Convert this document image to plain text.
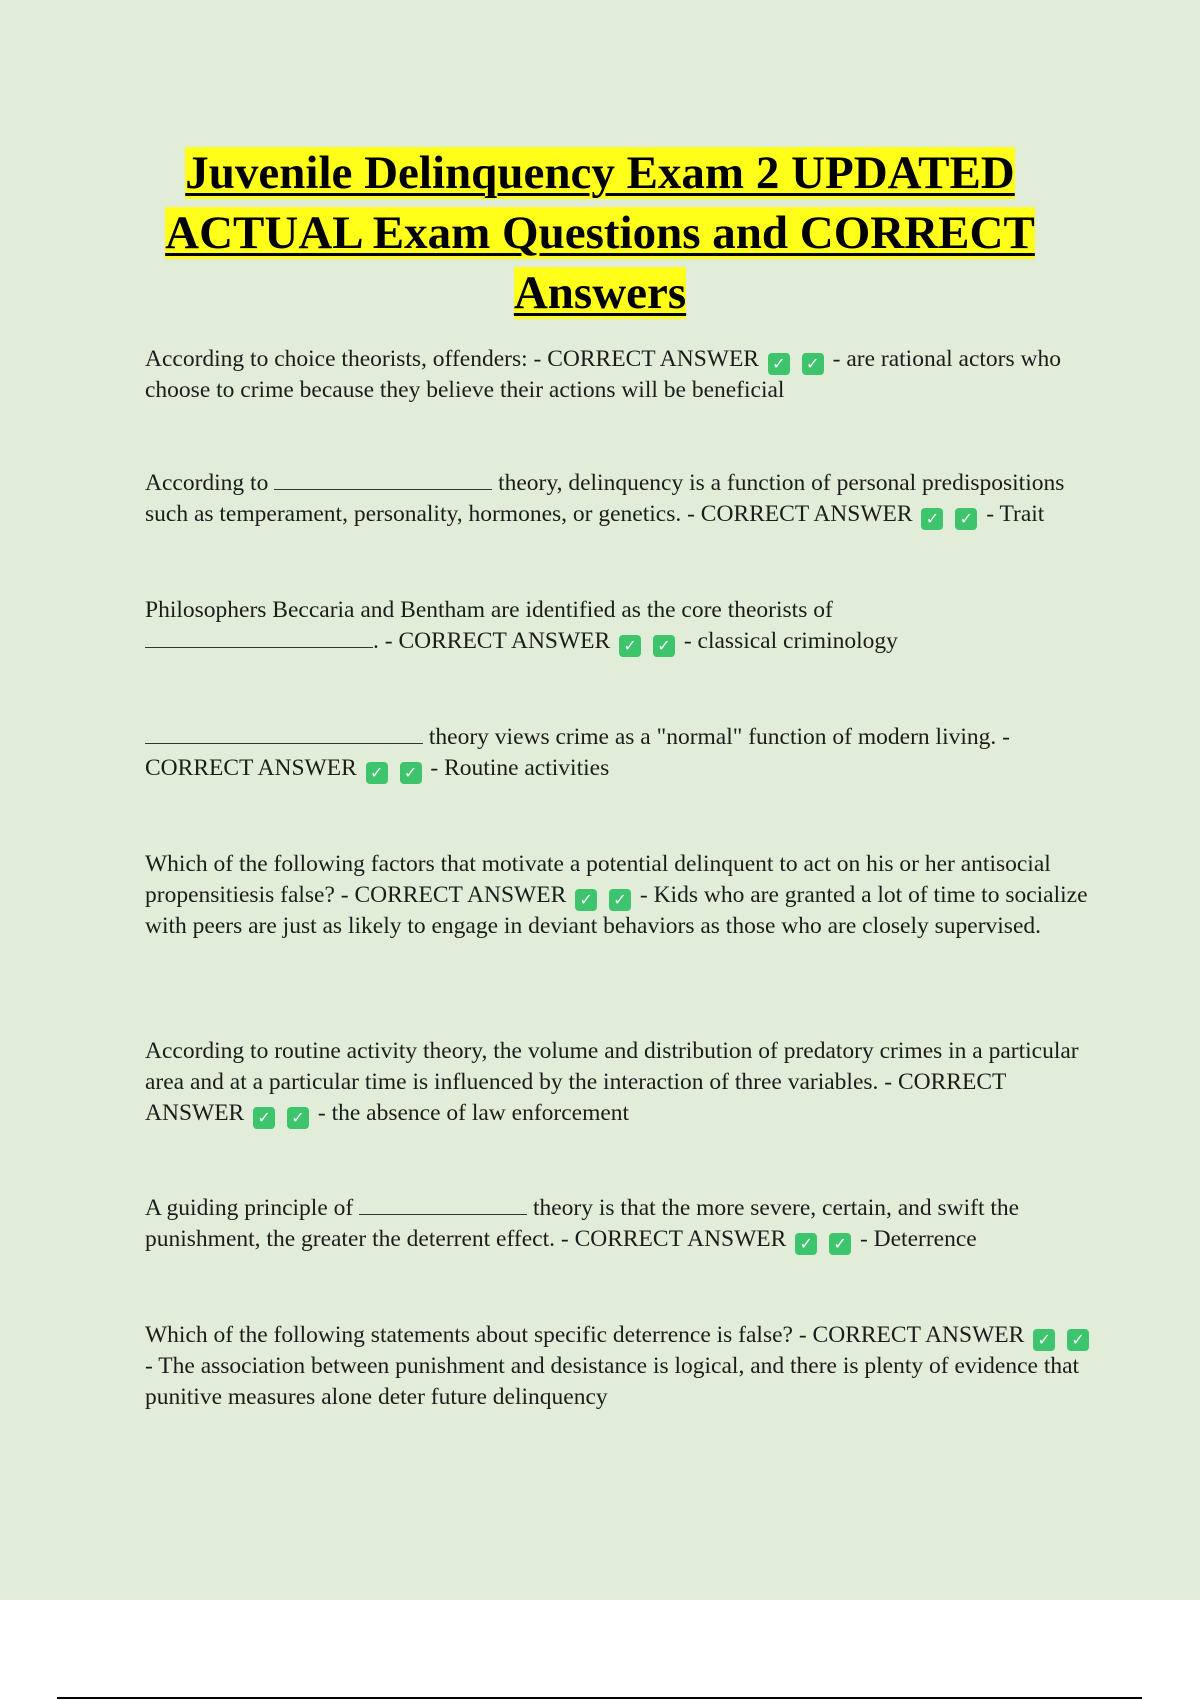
Juvenile Delinquency Exam 2 UPDATED
ACTUAL Exam Questions and CORRECT
Answers

According to choice theorists, offenders: - CORRECT ANSWER ✓ ✓ - are rational actors who choose to crime because they believe their actions will be beneficial

According to	theory, delinquency is a function of personal predispositions such as temperament, personality, hormones, or genetics. - CORRECT ANSWER ✓ ✓ - Trait

Philosophers Beccaria and Bentham are identified as the core theorists of
. - CORRECT ANSWER ✓ ✓ - classical criminology

theory views crime as a "normal" function of modern living. -
CORRECT ANSWER ✓ ✓ - Routine activities

Which of the following factors that motivate a potential delinquent to act on his or her antisocial propensitiesis false? - CORRECT ANSWER ✓ ✓ - Kids who are granted a lot of time to socialize with peers are just as likely to engage in deviant behaviors as those who are closely supervised.

According to routine activity theory, the volume and distribution of predatory crimes in a particular area and at a particular time is influenced by the interaction of three variables. - CORRECT ANSWER ✓ ✓ - the absence of law enforcement

A guiding principle of	theory is that the more severe, certain, and swift the punishment, the greater the deterrent effect. - CORRECT ANSWER ✓ ✓ - Deterrence

Which of the following statements about specific deterrence is false? - CORRECT ANSWER ✓ ✓ - The association between punishment and desistance is logical, and there is plenty of evidence that punitive measures alone deter future delinquency
